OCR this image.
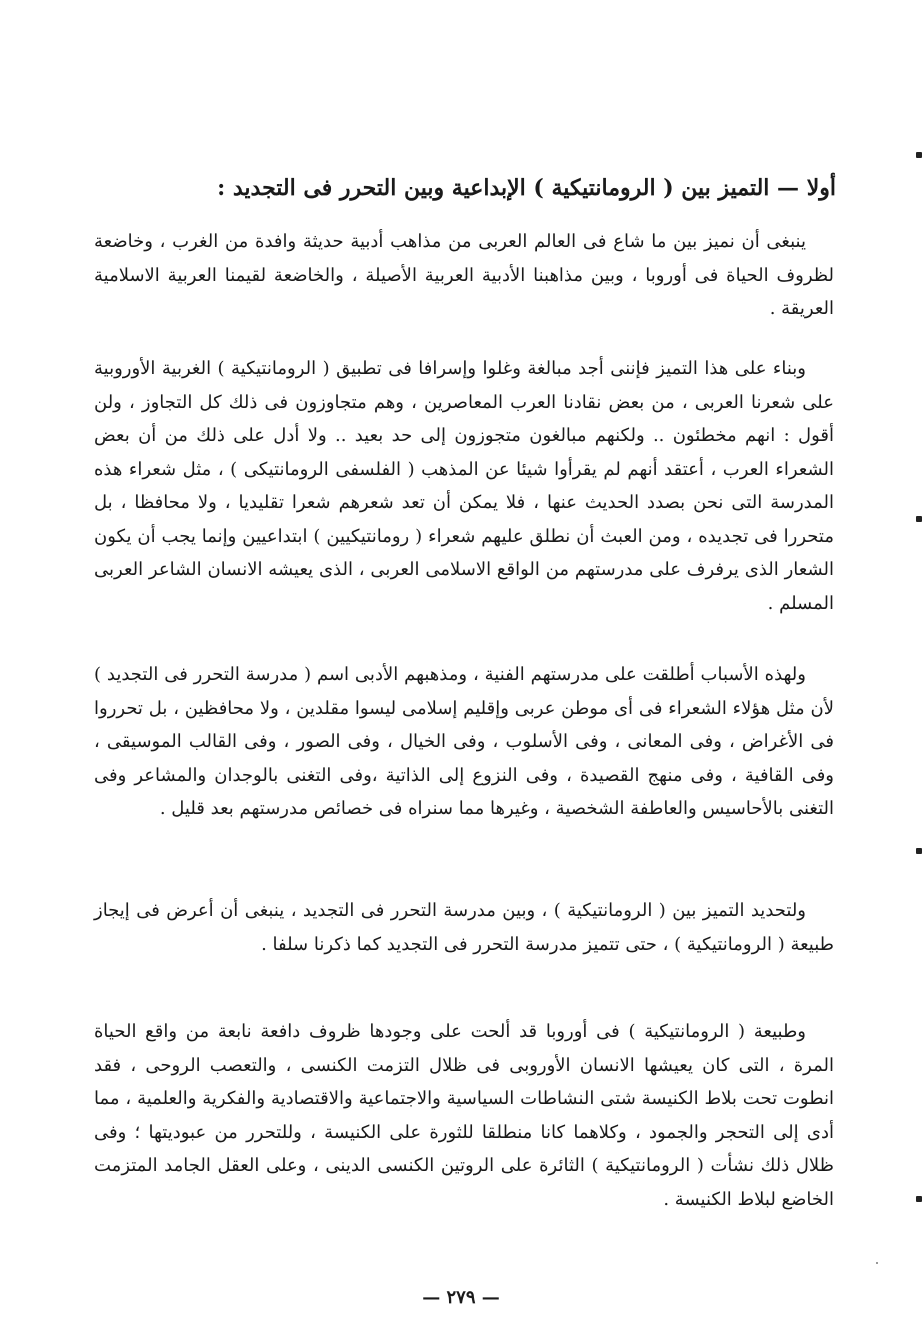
أولا — التميز بين ( الرومانتيكية ) الإبداعية وبين التحرر فى التجديد :

ينبغى أن نميز بين ما شاع فى العالم العربى من مذاهب أدبية حديثة وافدة من الغرب ، وخاضعة لظروف الحياة فى أوروبا ، وبين مذاهبنا الأدبية العربية الأصيلة ، والخاضعة لقيمنا العربية الاسلامية العريقة .

وبناء على هذا التميز فإننى أجد مبالغة وغلوا وإسرافا فى تطبيق ( الرومانتيكية ) الغربية الأوروبية على شعرنا العربى ، من بعض نقادنا العرب المعاصرين ، وهم متجاوزون فى ذلك كل التجاوز ، ولن أقول : انهم مخطئون .. ولكنهم مبالغون متجوزون إلى حد بعيد .. ولا أدل على ذلك من أن بعض الشعراء العرب ، أعتقد أنهم لم يقرأوا شيئا عن المذهب ( الفلسفى الرومانتيكى ) ، مثل شعراء هذه المدرسة التى نحن بصدد الحديث عنها ، فلا يمكن أن تعد شعرهم شعرا تقليديا ، ولا محافظا ، بل متحررا فى تجديده ، ومن العبث أن نطلق عليهم شعراء ( رومانتيكيين ) ابتداعيين وإنما يجب أن يكون الشعار الذى يرفرف على مدرستهم من الواقع الاسلامى العربى ، الذى يعيشه الانسان الشاعر العربى المسلم .

ولهذه الأسباب أطلقت على مدرستهم الفنية ، ومذهبهم الأدبى اسم ( مدرسة التحرر فى التجديد ) لأن مثل هؤلاء الشعراء فى أى موطن عربى وإقليم إسلامى ليسوا مقلدين ، ولا محافظين ، بل تحرروا فى الأغراض ، وفى المعانى ، وفى الأسلوب ، وفى الخيال ، وفى الصور ، وفى القالب الموسيقى ، وفى القافية ، وفى منهج القصيدة ، وفى النزوع إلى الذاتية ،وفى التغنى بالوجدان والمشاعر وفى التغنى بالأحاسيس والعاطفة الشخصية ، وغيرها مما سنراه فى خصائص مدرستهم بعد قليل .

ولتحديد التميز بين ( الرومانتيكية ) ، وبين مدرسة التحرر فى التجديد ، ينبغى أن أعرض فى إيجاز طبيعة ( الرومانتيكية ) ، حتى تتميز مدرسة التحرر فى التجديد كما ذكرنا سلفا .

وطبيعة ( الرومانتيكية ) فى أوروبا قد ألحت على وجودها ظروف دافعة نابعة من واقع الحياة المرة ، التى كان يعيشها الانسان الأوروبى فى ظلال التزمت الكنسى ، والتعصب الروحى ، فقد انطوت تحت بلاط الكنيسة شتى النشاطات السياسية والاجتماعية والاقتصادية والفكرية والعلمية ، مما أدى إلى التحجر والجمود ، وكلاهما كانا منطلقا للثورة على الكنيسة ، وللتحرر من عبوديتها ؛ وفى ظلال ذلك نشأت ( الرومانتيكية ) الثائرة على الروتين الكنسى الدينى ، وعلى العقل الجامد المتزمت الخاضع لبلاط الكنيسة .

— ٢٧٩ —
